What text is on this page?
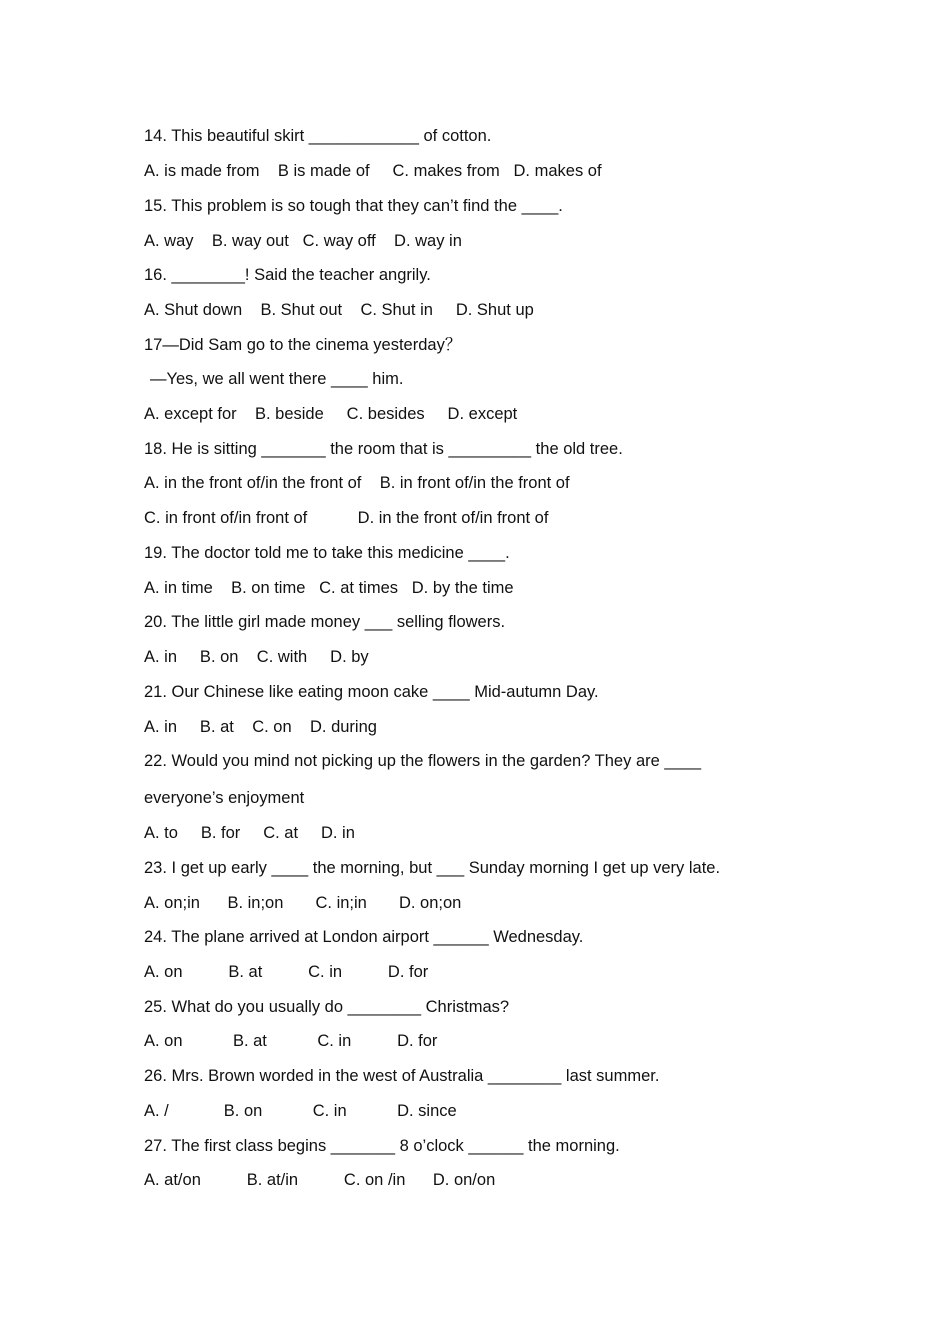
14. This beautiful skirt ____________ of cotton.
A. is made from    B is made of     C. makes from   D. makes of
15. This problem is so tough that they can’t find the ____.
A. way    B. way out   C. way off    D. way in
16. ________! Said the teacher angrily.
A. Shut down    B. Shut out    C. Shut in     D. Shut up
17—Did Sam go to the cinema yesterday？
—Yes, we all went there ____ him.
A. except for    B. beside     C. besides     D. except
18. He is sitting _______ the room that is _________ the old tree.
A. in the front of/in the front of    B. in front of/in the front of
C. in front of/in front of           D. in the front of/in front of
19. The doctor told me to take this medicine ____.
A. in time    B. on time   C. at times   D. by the time
20. The little girl made money ___ selling flowers.
A. in     B. on    C. with     D. by
21. Our Chinese like eating moon cake ____ Mid-autumn Day.
A. in     B. at    C. on    D. during
22. Would you mind not picking up the flowers in the garden? They are ____
everyone’s enjoyment
A. to     B. for     C. at     D. in
23. I get up early ____ the morning, but ___ Sunday morning I get up very late.
A. on;in      B. in;on       C. in;in       D. on;on
24. The plane arrived at London airport ______ Wednesday.
A. on          B. at          C. in          D. for
25. What do you usually do ________ Christmas?
A. on           B. at           C. in          D. for
26. Mrs. Brown worded in the west of Australia ________ last summer.
A. /            B. on           C. in           D. since
27. The first class begins _______ 8 o’clock ______ the morning.
A. at/on          B. at/in          C. on /in      D. on/on
